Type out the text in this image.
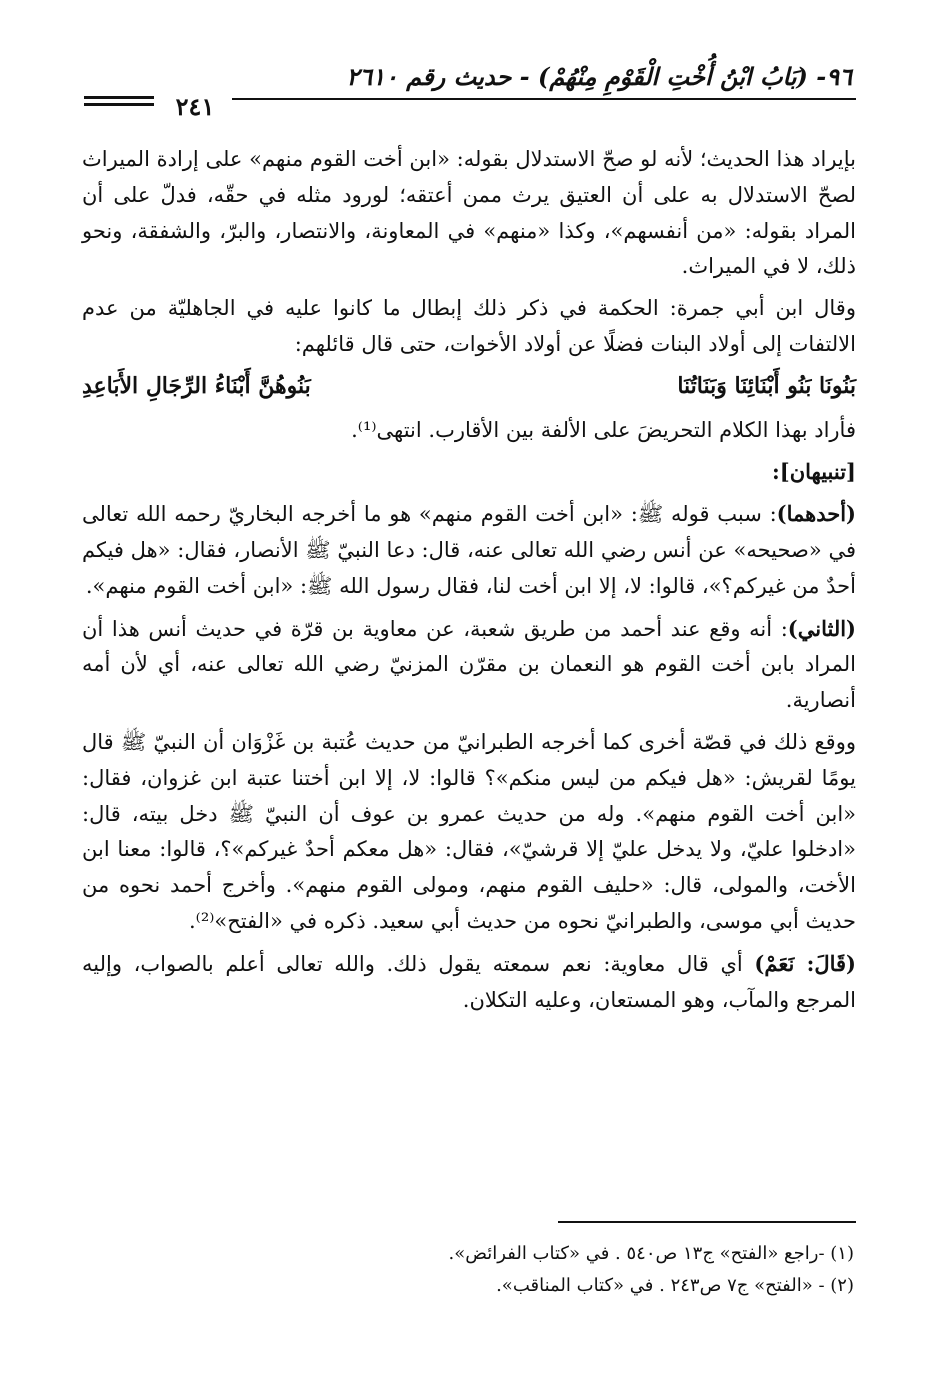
٩٦- (بَابُ ابْنُ أُخْتِ الْقَوْمِ مِنْهُمْ) - حديث رقم ٢٦١٠
٢٤١

بإيراد هذا الحديث؛ لأنه لو صحّ الاستدلال بقوله: «ابن أخت القوم منهم» على إرادة الميراث لصحّ الاستدلال به على أن العتيق يرث ممن أعتقه؛ لورود مثله في حقّه، فدلّ على أن المراد بقوله: «من أنفسهم»، وكذا «منهم» في المعاونة، والانتصار، والبرّ، والشفقة، ونحو ذلك، لا في الميراث.

وقال ابن أبي جمرة: الحكمة في ذكر ذلك إبطال ما كانوا عليه في الجاهليّة من عدم الالتفات إلى أولاد البنات فضلًا عن أولاد الأخوات، حتى قال قائلهم:

بَنُونَا بَنُو أَبْنَائِنَا وَبَنَاتُنَا
بَنُوهُنَّ أَبْنَاءُ الرِّجَالِ الأَبَاعِدِ

فأراد بهذا الكلام التحريضَ على الألفة بين الأقارب. انتهى⁽¹⁾.

[تنبيهان]:

(أحدهما): سبب قوله ﷺ: «ابن أخت القوم منهم» هو ما أخرجه البخاريّ رحمه الله تعالى في «صحيحه» عن أنس رضي الله تعالى عنه، قال: دعا النبيّ ﷺ الأنصار، فقال: «هل فيكم أحدٌ من غيركم؟»، قالوا: لا، إلا ابن أخت لنا، فقال رسول الله ﷺ: «ابن أخت القوم منهم».

(الثاني): أنه وقع عند أحمد من طريق شعبة، عن معاوية بن قرّة في حديث أنس هذا أن المراد بابن أخت القوم هو النعمان بن مقرّن المزنيّ رضي الله تعالى عنه، أي لأن أمه أنصارية.

ووقع ذلك في قصّة أخرى كما أخرجه الطبرانيّ من حديث عُتبة بن غَزْوَان أن النبيّ ﷺ قال يومًا لقريش: «هل فيكم من ليس منكم»؟ قالوا: لا، إلا ابن أختنا عتبة ابن غزوان، فقال: «ابن أخت القوم منهم». وله من حديث عمرو بن عوف أن النبيّ ﷺ دخل بيته، قال: «ادخلوا عليّ، ولا يدخل عليّ إلا قرشيّ»، فقال: «هل معكم أحدٌ غيركم»؟، قالوا: معنا ابن الأخت، والمولى، قال: «حليف القوم منهم، ومولى القوم منهم». وأخرج أحمد نحوه من حديث أبي موسى، والطبرانيّ نحوه من حديث أبي سعيد. ذكره في «الفتح»⁽²⁾.

(قَالَ: نَعَمْ) أي قال معاوية: نعم سمعته يقول ذلك. والله تعالى أعلم بالصواب، وإليه المرجع والمآب، وهو المستعان، وعليه التكلان.

(١) -راجع «الفتح» ج١٣ ص٥٤٠ . في «كتاب الفرائض».
(٢) - «الفتح» ج٧ ص٢٤٣ . في «كتاب المناقب».
